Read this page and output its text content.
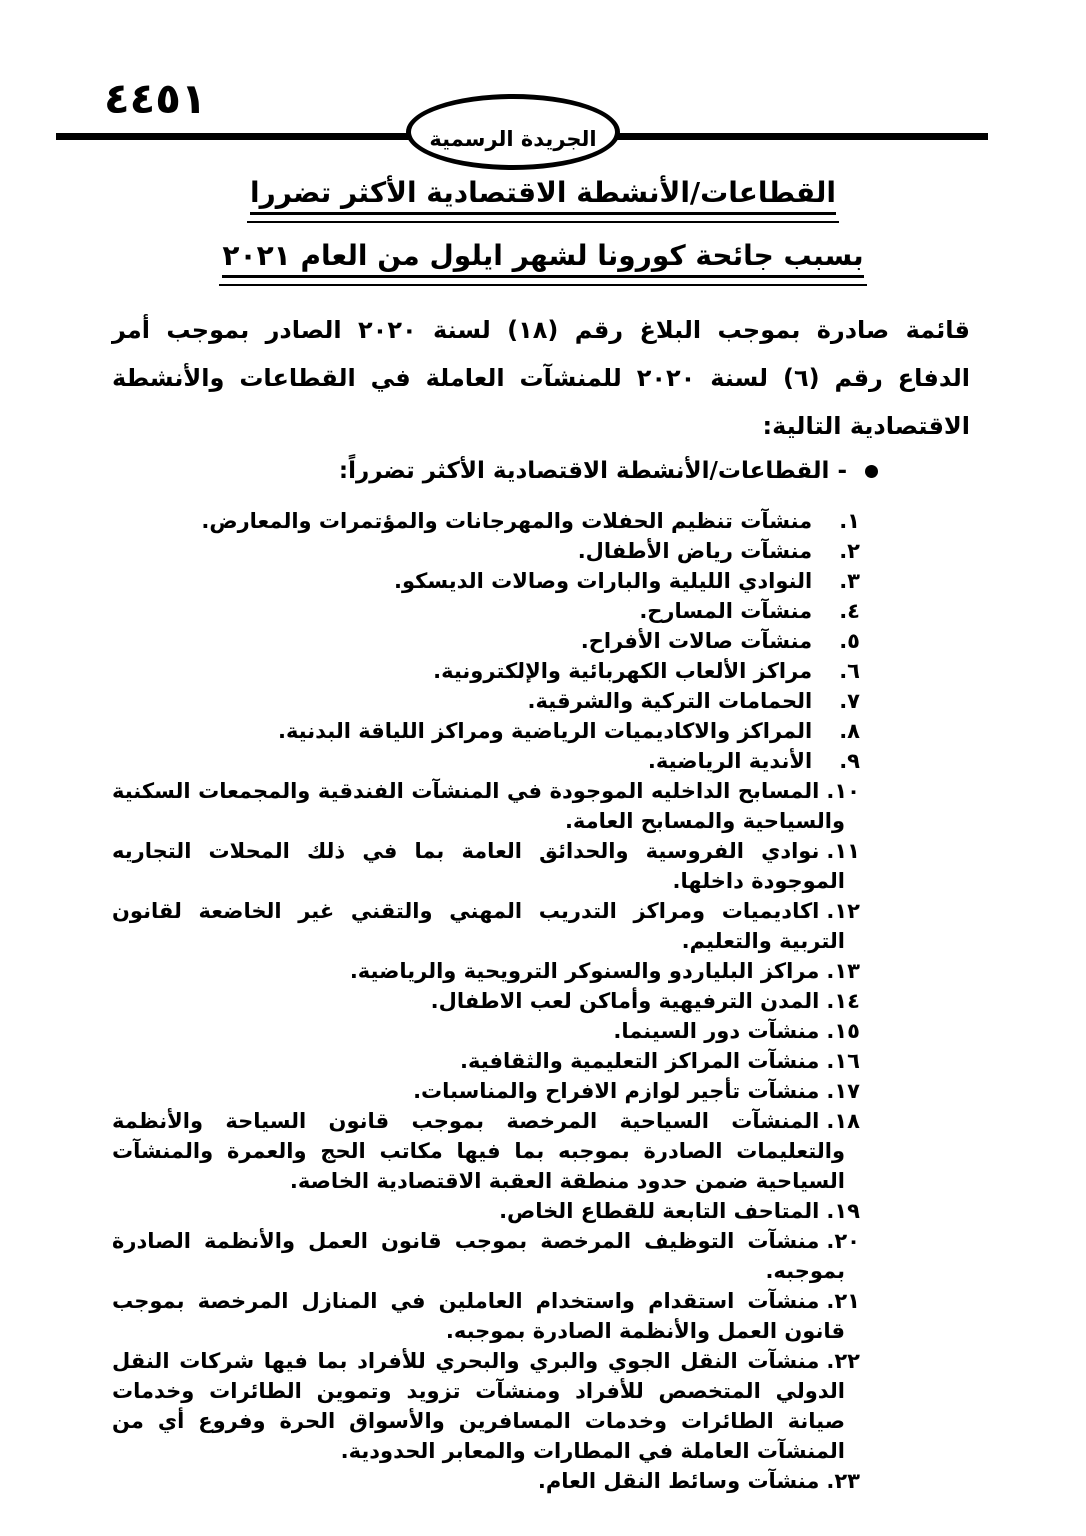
٤٤٥١
الجريدة الرسمية
القطاعات/الأنشطة الاقتصادية الأكثر تضررا
بسبب جائحة كورونا لشهر ايلول من العام ٢٠٢١

قائمة صادرة بموجب البلاغ رقم (١٨) لسنة ٢٠٢٠ الصادر بموجب أمر الدفاع رقم (٦) لسنة ٢٠٢٠ للمنشآت العاملة في القطاعات والأنشطة الاقتصادية التالية:

- القطاعات/الأنشطة الاقتصادية الأكثر تضرراً:
١.منشآت تنظيم الحفلات والمهرجانات والمؤتمرات والمعارض.
٢.منشآت رياض الأطفال.
٣.النوادي الليلية والبارات وصالات الديسكو.
٤.منشآت المسارح.
٥.منشآت صالات الأفراح.
٦.مراكز الألعاب الكهربائية والإلكترونية.
٧.الحمامات التركية والشرقية.
٨.المراكز والاكاديميات الرياضية ومراكز اللياقة البدنية.
٩.الأندية الرياضية.
١٠.المسابح الداخليه الموجودة في المنشآت الفندقية والمجمعات السكنية والسياحية والمسابح العامة.
١١.نوادي الفروسية والحدائق العامة بما في ذلك المحلات التجاريه الموجودة داخلها.
١٢.اكاديميات ومراكز التدريب المهني والتقني غير الخاضعة لقانون التربية والتعليم.
١٣.مراكز البلياردو والسنوكر الترويحية والرياضية.
١٤.المدن الترفيهية وأماكن لعب الاطفال.
١٥.منشآت دور السينما.
١٦.منشآت المراكز التعليمية والثقافية.
١٧.منشآت تأجير لوازم الافراح والمناسبات.
١٨.المنشآت السياحية المرخصة بموجب قانون السياحة والأنظمة والتعليمات الصادرة بموجبه بما فيها مكاتب الحج والعمرة والمنشآت السياحية ضمن حدود منطقة العقبة الاقتصادية الخاصة.
١٩.المتاحف التابعة للقطاع الخاص.
٢٠.منشآت التوظيف المرخصة بموجب قانون العمل والأنظمة الصادرة بموجبه.
٢١.منشآت استقدام واستخدام العاملين في المنازل المرخصة بموجب قانون العمل والأنظمة الصادرة بموجبه.
٢٢.منشآت النقل الجوي والبري والبحري للأفراد بما فيها شركات النقل الدولي المتخصص للأفراد ومنشآت تزويد وتموين الطائرات وخدمات صيانة الطائرات وخدمات المسافرين والأسواق الحرة وفروع أي من المنشآت العاملة في المطارات والمعابر الحدودية.
٢٣.منشآت وسائط النقل العام.
